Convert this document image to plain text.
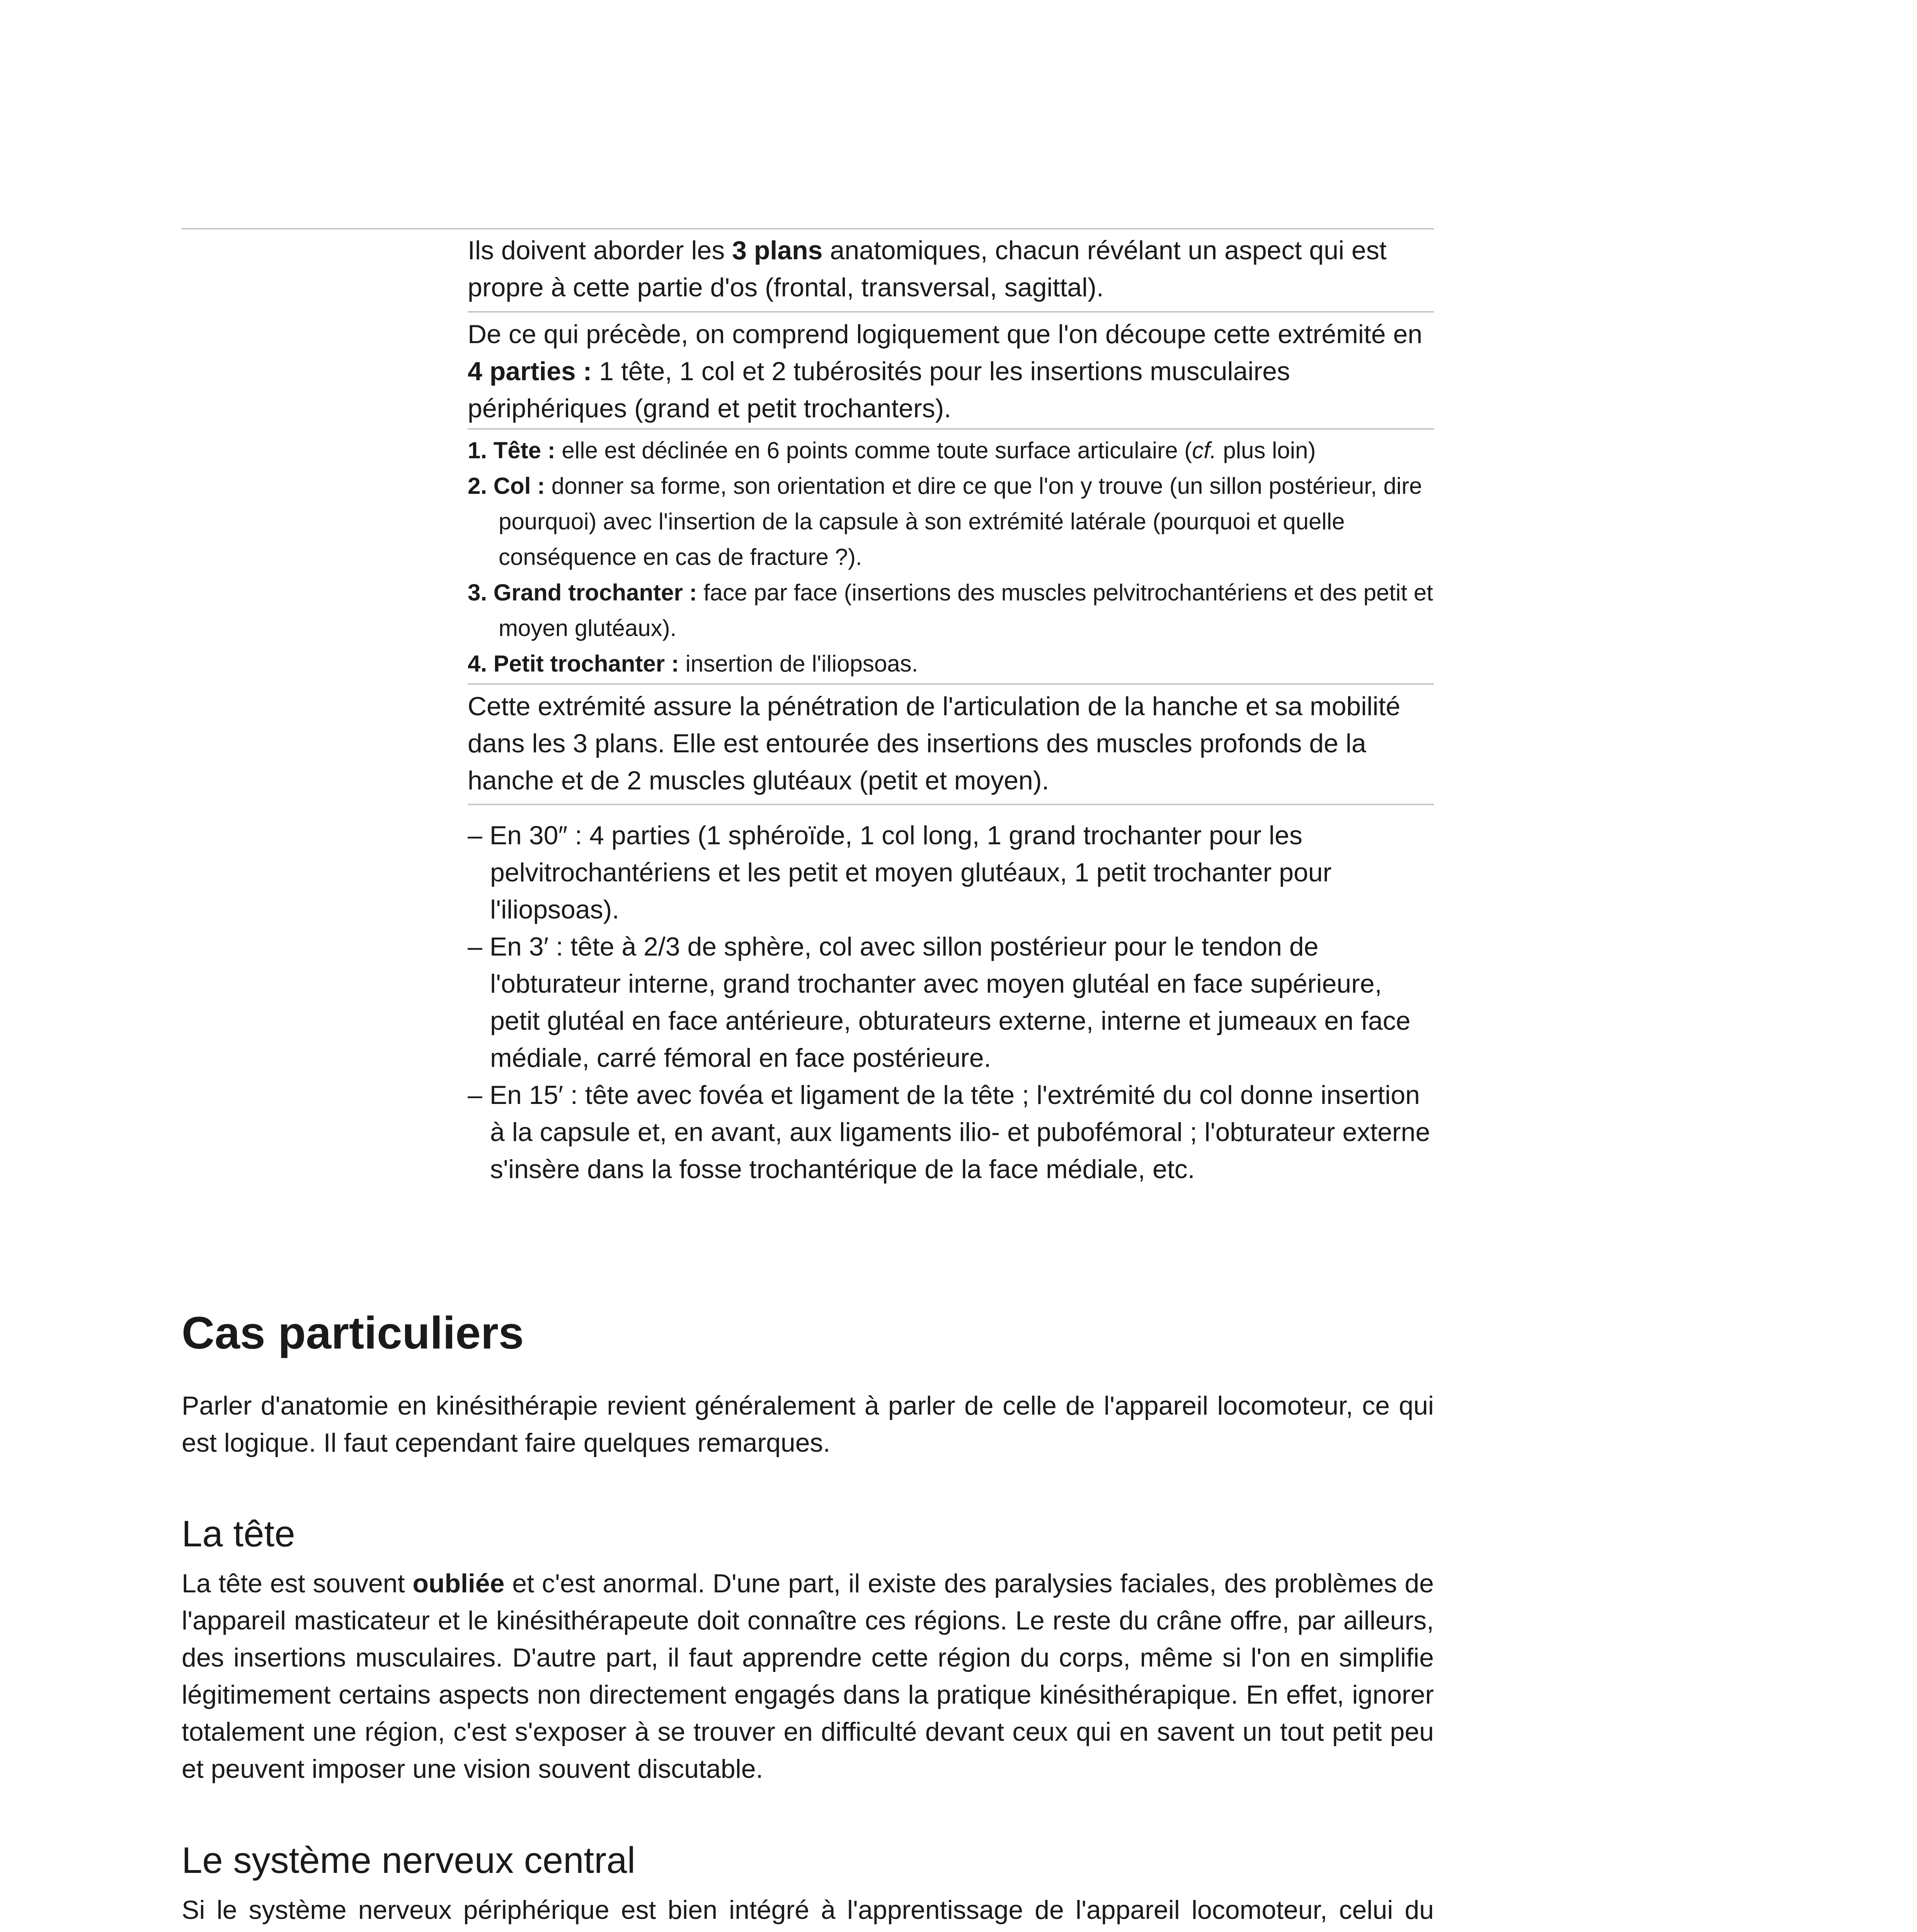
Ils doivent aborder les 3 plans anatomiques, chacun révélant un aspect qui est propre à cette partie d'os (frontal, transversal, sagittal).

De ce qui précède, on comprend logiquement que l'on découpe cette extrémité en 4 parties : 1 tête, 1 col et 2 tubérosités pour les insertions musculaires périphériques (grand et petit trochanters).

1. Tête : elle est déclinée en 6 points comme toute surface articulaire (cf. plus loin)

2. Col : donner sa forme, son orientation et dire ce que l'on y trouve (un sillon postérieur, dire pourquoi) avec l'insertion de la capsule à son extrémité latérale (pourquoi et quelle conséquence en cas de fracture ?).

3. Grand trochanter : face par face (insertions des muscles pelvitrochantériens et des petit et moyen glutéaux).

4. Petit trochanter : insertion de l'iliopsoas.

Cette extrémité assure la pénétration de l'articulation de la hanche et sa mobilité dans les 3 plans. Elle est entourée des insertions des muscles profonds de la hanche et de 2 muscles glutéaux (petit et moyen).

– En 30″ : 4 parties (1 sphéroïde, 1 col long, 1 grand trochanter pour les pelvitrochantériens et les petit et moyen glutéaux, 1 petit trochanter pour l'iliopsoas).

– En 3′ : tête à 2/3 de sphère, col avec sillon postérieur pour le tendon de l'obturateur interne, grand trochanter avec moyen glutéal en face supérieure, petit glutéal en face antérieure, obturateurs externe, interne et jumeaux en face médiale, carré fémoral en face postérieure.

– En 15′ : tête avec fovéa et ligament de la tête ; l'extrémité du col donne insertion à la capsule et, en avant, aux ligaments ilio- et pubofémoral ; l'obturateur externe s'insère dans la fosse trochantérique de la face médiale, etc.

Cas particuliers

Parler d'anatomie en kinésithérapie revient généralement à parler de celle de l'appareil locomoteur, ce qui est logique. Il faut cependant faire quelques remarques.

La tête

La tête est souvent oubliée et c'est anormal. D'une part, il existe des paralysies faciales, des problèmes de l'appareil masticateur et le kinésithérapeute doit connaître ces régions. Le reste du crâne offre, par ailleurs, des insertions musculaires. D'autre part, il faut apprendre cette région du corps, même si l'on en simplifie légitimement certains aspects non directement engagés dans la pratique kinésithérapique. En effet, ignorer totalement une région, c'est s'exposer à se trouver en difficulté devant ceux qui en savent un tout petit peu et peuvent imposer une vision souvent discutable.

Le système nerveux central

Si le système nerveux périphérique est bien intégré à l'apprentissage de l'appareil locomoteur, celui du
